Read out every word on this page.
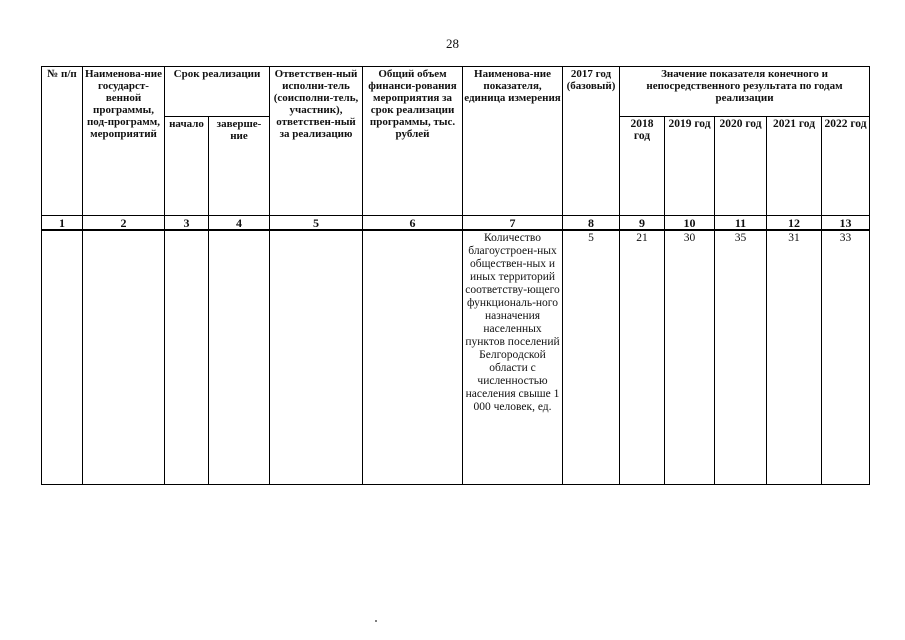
28
№ п/п	Наименова-ние государст-венной программы, под-программ, мероприятий	Срок реализации		Ответствен-ный исполни-тель (соисполни-тель, участник), ответствен-ный за реализацию	Общий объем финанси-рования мероприятия за срок реализации программы, тыс. рублей	Наименова-ние показателя, единица измерения	2017 год (базовый)	Значение показателя конечного и непосредственного результата по годам реализации				
		начало	заверше-ние					2018 год	2019 год	2020 год	2021 год	2022 год
1	2	3	4	5	6	7	8	9	10	11	12	13
						Количество благоустроен-ных обществен-ных и иных территорий соответству-ющего функциональ-ного назначения населенных пунктов поселений Белгородской области с численностью населения свыше 1 000 человек, ед.	5	21	30	35	31	33
